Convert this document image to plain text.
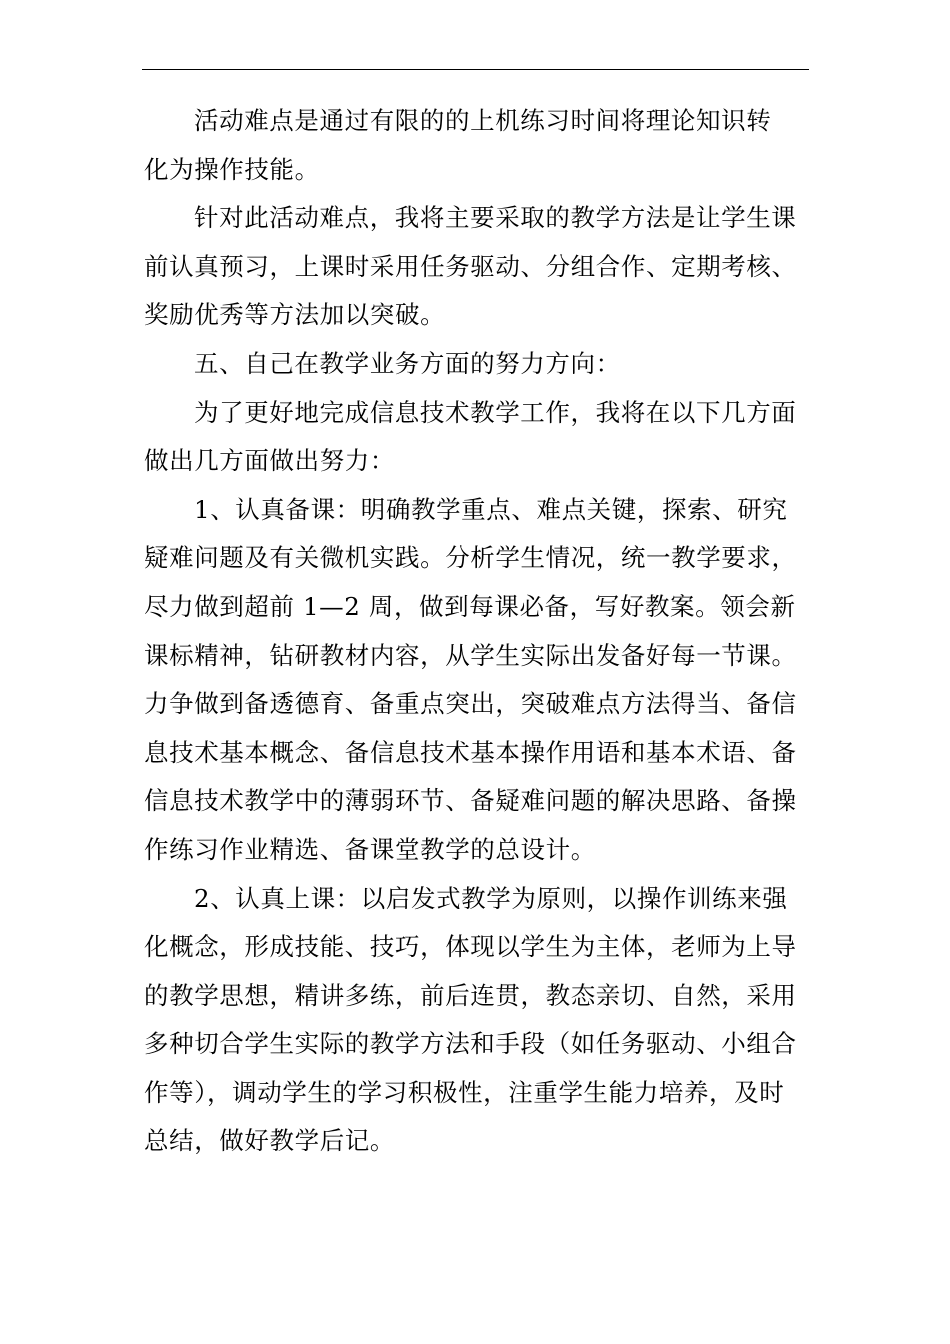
活动难点是通过有限的的上机练习时间将理论知识转
化为操作技能。
针对此活动难点，我将主要采取的教学方法是让学生课
前认真预习，上课时采用任务驱动、分组合作、定期考核、
奖励优秀等方法加以突破。
五、自己在教学业务方面的努力方向：
为了更好地完成信息技术教学工作，我将在以下几方面
做出几方面做出努力：
1、认真备课：明确教学重点、难点关键，探索、研究
疑难问题及有关微机实践。分析学生情况，统一教学要求，
尽力做到超前 1—2 周，做到每课必备，写好教案。领会新
课标精神，钻研教材内容，从学生实际出发备好每一节课。
力争做到备透德育、备重点突出，突破难点方法得当、备信
息技术基本概念、备信息技术基本操作用语和基本术语、备
信息技术教学中的薄弱环节、备疑难问题的解决思路、备操
作练习作业精选、备课堂教学的总设计。
2、认真上课：以启发式教学为原则，以操作训练来强
化概念，形成技能、技巧，体现以学生为主体，老师为上导
的教学思想，精讲多练，前后连贯，教态亲切、自然，采用
多种切合学生实际的教学方法和手段（如任务驱动、小组合
作等），调动学生的学习积极性，注重学生能力培养，及时
总结，做好教学后记。
